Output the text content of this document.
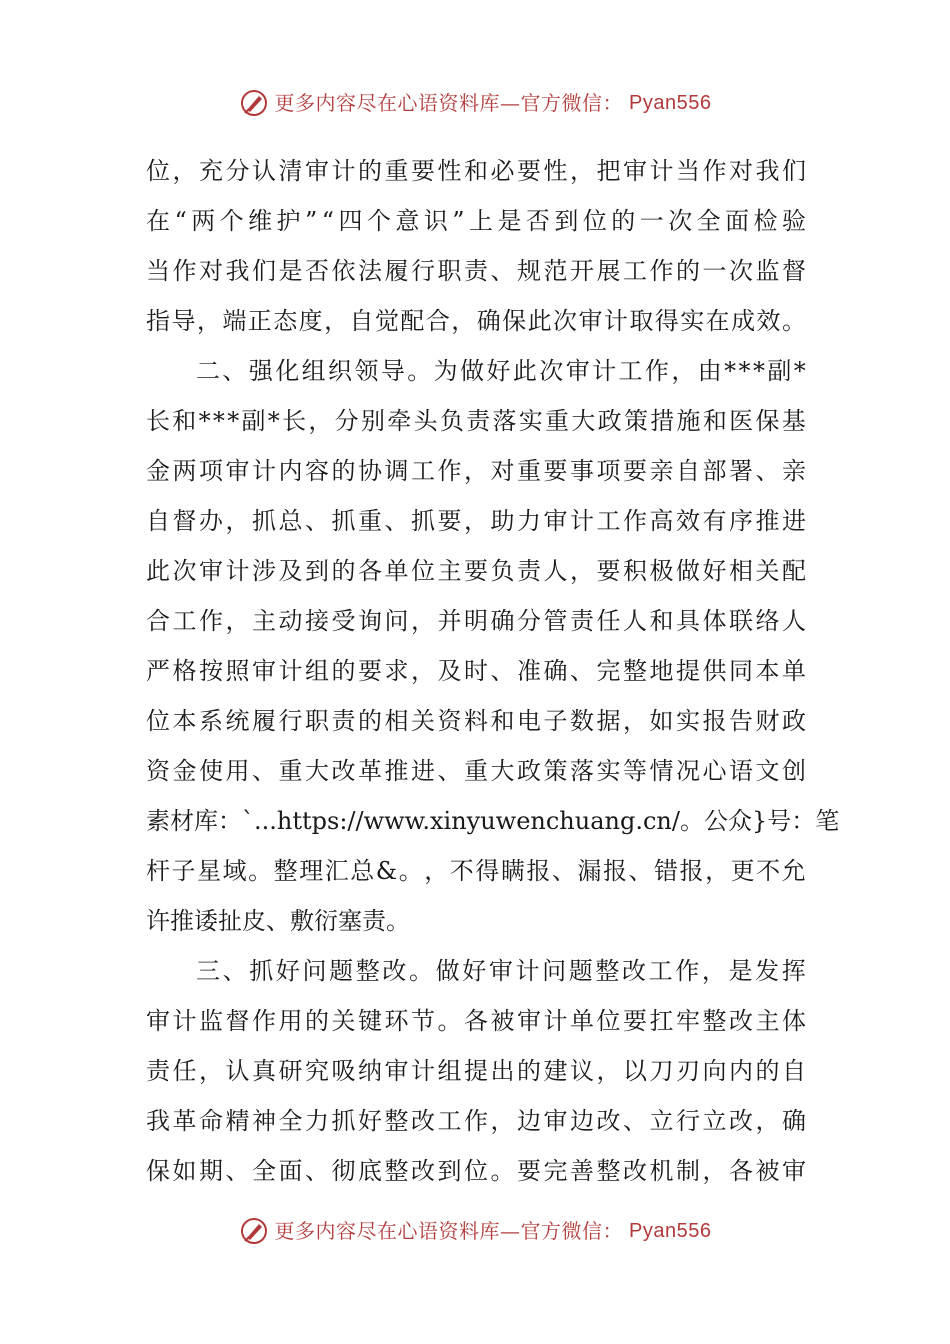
更多内容尽在心语资料库—官方微信： Pyan556
位 ， 充 分 认 清 审 计 的 重 要 性 和 必 要 性 ， 把 审 计 当 作 对 我 们
在 “ 两 个 维 护 ” “ 四 个 意 识 ” 上 是 否 到 位 的 一 次 全 面 检 验
当 作 对 我 们 是 否 依 法 履 行 职 责 、 规 范 开 展 工 作 的 一 次 监 督
指 导 ， 端 正 态 度 ， 自 觉 配 合 ， 确 保 此 次 审 计 取 得 实 在 成 效 。
二 、 强 化 组 织 领 导 。 为 做 好 此 次 审 计 工 作 ， 由 * * * 副 *
长 和 * * * 副 * 长 ， 分 别 牵 头 负 责 落 实 重 大 政 策 措 施 和 医 保 基
金 两 项 审 计 内 容 的 协 调 工 作 ， 对 重 要 事 项 要 亲 自 部 署 、 亲
自 督 办 ， 抓 总 、 抓 重 、 抓 要 ， 助 力 审 计 工 作 高 效 有 序 推 进
此 次 审 计 涉 及 到 的 各 单 位 主 要 负 责 人 ， 要 积 极 做 好 相 关 配
合 工 作 ， 主 动 接 受 询 问 ， 并 明 确 分 管 责 任 人 和 具 体 联 络 人
严 格 按 照 审 计 组 的 要 求 ， 及 时 、 准 确 、 完 整 地 提 供 同 本 单
位 本 系 统 履 行 职 责 的 相 关 资 料 和 电 子 数 据 ， 如 实 报 告 财 政
资 金 使 用 、 重 大 改 革 推 进 、 重 大 政 策 落 实 等 情 况 心 语 文 创
素 材 库 ： `...https://www.xinyuwenchuang.cn/ 。 公 众 } 号 ： 笔
杆 子 星 域 。 整 理 汇 总 & 。 ， 不 得 瞒 报 、 漏 报 、 错 报 ， 更 不 允
许推诿扯皮、敷衍塞责。
三 、 抓 好 问 题 整 改 。 做 好 审 计 问 题 整 改 工 作 ， 是 发 挥
审 计 监 督 作 用 的 关 键 环 节 。 各 被 审 计 单 位 要 扛 牢 整 改 主 体
责 任 ， 认 真 研 究 吸 纳 审 计 组 提 出 的 建 议 ， 以 刀 刃 向 内 的 自
我 革 命 精 神 全 力 抓 好 整 改 工 作 ， 边 审 边 改 、 立 行 立 改 ， 确
保 如 期 、 全 面 、 彻 底 整 改 到 位 。 要 完 善 整 改 机 制 ， 各 被 审
更多内容尽在心语资料库—官方微信： Pyan556
